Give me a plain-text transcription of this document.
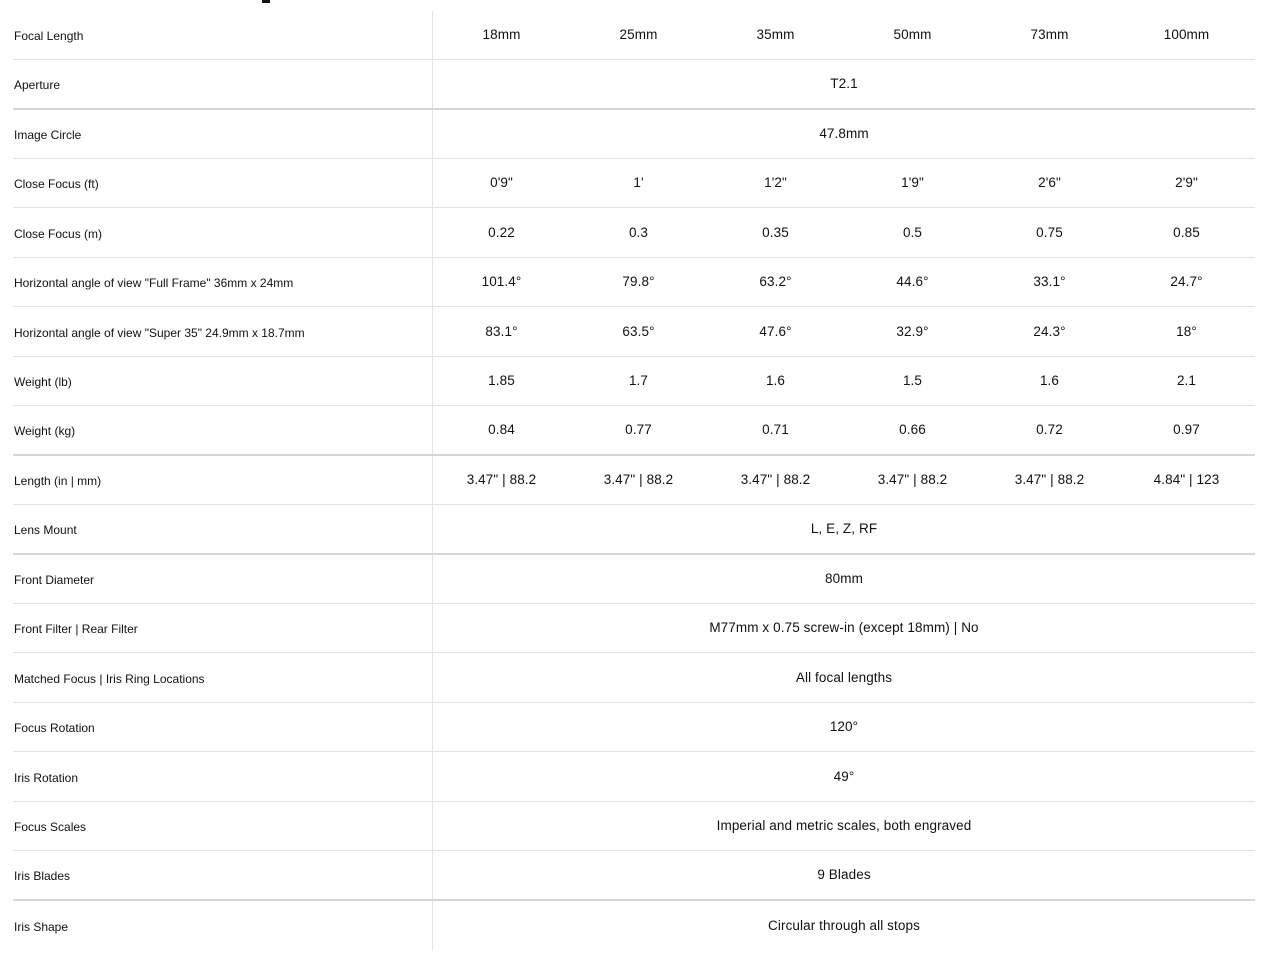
Focal Length	18mm	25mm	35mm	50mm	73mm	100mm
Aperture	T2.1
Image Circle	47.8mm
Close Focus (ft)	0'9"	1'	1'2"	1'9"	2'6"	2'9"
Close Focus (m)	0.22	0.3	0.35	0.5	0.75	0.85
Horizontal angle of view "Full Frame" 36mm x 24mm	101.4°	79.8°	63.2°	44.6°	33.1°	24.7°
Horizontal angle of view "Super 35" 24.9mm x 18.7mm	83.1°	63.5°	47.6°	32.9°	24.3°	18°
Weight (lb)	1.85	1.7	1.6	1.5	1.6	2.1
Weight (kg)	0.84	0.77	0.71	0.66	0.72	0.97
Length (in | mm)	3.47" | 88.2	3.47" | 88.2	3.47" | 88.2	3.47" | 88.2	3.47" | 88.2	4.84" | 123
Lens Mount	L, E, Z, RF
Front Diameter	80mm
Front Filter | Rear Filter	M77mm x 0.75 screw-in (except 18mm) | No
Matched Focus | Iris Ring Locations	All focal lengths
Focus Rotation	120°
Iris Rotation	49°
Focus Scales	Imperial and metric scales, both engraved
Iris Blades	9 Blades
Iris Shape	Circular through all stops
